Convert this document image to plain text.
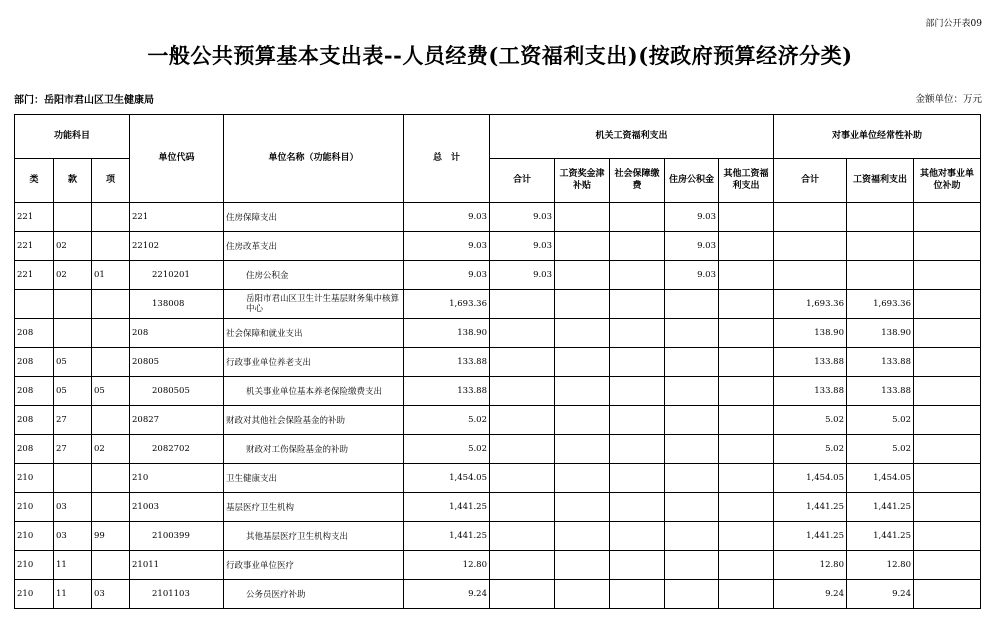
部门公开表09
一般公共预算基本支出表--人员经费(工资福利支出)(按政府预算经济分类)
部门：岳阳市君山区卫生健康局	金额单位：万元
功能科目			单位代码	单位名称（功能科目）	总　计	机关工资福利支出					对事业单位经常性补助		
类	款	项				合计	工资奖金津补贴	社会保障缴费	住房公积金	其他工资福利支出	合计	工资福利支出	其他对事业单位补助
221			221	住房保障支出	9.03	9.03			9.03				
221	02		22102	住房改革支出	9.03	9.03			9.03				
221	02	01	2210201	住房公积金	9.03	9.03			9.03				
			138008	岳阳市君山区卫生计生基层财务集中核算中心	1,693.36						1,693.36	1,693.36	
208			208	社会保障和就业支出	138.90						138.90	138.90	
208	05		20805	行政事业单位养老支出	133.88						133.88	133.88	
208	05	05	2080505	机关事业单位基本养老保险缴费支出	133.88						133.88	133.88	
208	27		20827	财政对其他社会保险基金的补助	5.02						5.02	5.02	
208	27	02	2082702	财政对工伤保险基金的补助	5.02						5.02	5.02	
210			210	卫生健康支出	1,454.05						1,454.05	1,454.05	
210	03		21003	基层医疗卫生机构	1,441.25						1,441.25	1,441.25	
210	03	99	2100399	其他基层医疗卫生机构支出	1,441.25						1,441.25	1,441.25	
210	11		21011	行政事业单位医疗	12.80						12.80	12.80	
210	11	03	2101103	公务员医疗补助	9.24						9.24	9.24	
